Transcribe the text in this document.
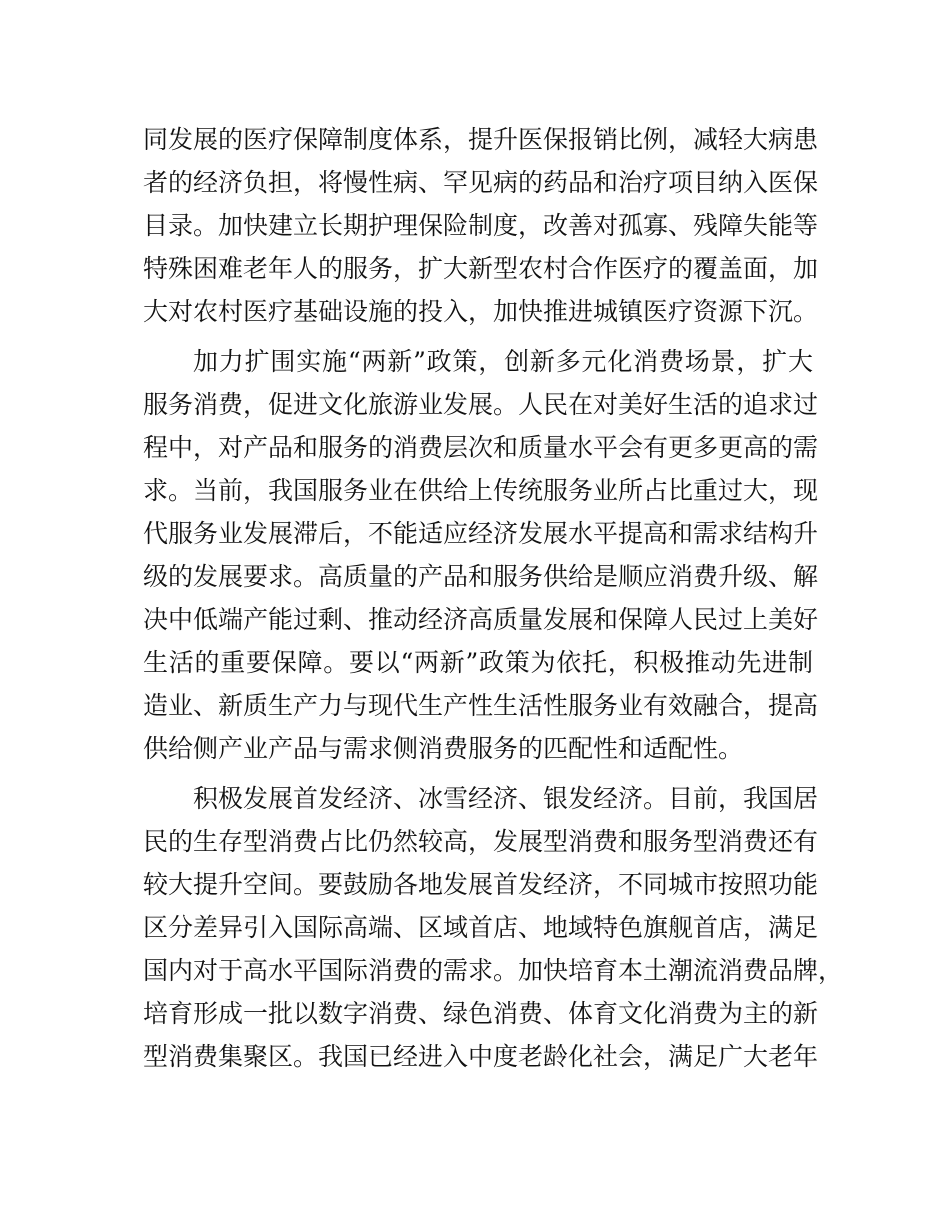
同发展的医疗保障制度体系，提升医保报销比例，减轻大病患
者的经济负担，将慢性病、罕见病的药品和治疗项目纳入医保
目录。加快建立长期护理保险制度，改善对孤寡、残障失能等
特殊困难老年人的服务，扩大新型农村合作医疗的覆盖面，加
大对农村医疗基础设施的投入，加快推进城镇医疗资源下沉。
加力扩围实施“两新”政策，创新多元化消费场景，扩大
服务消费，促进文化旅游业发展。人民在对美好生活的追求过
程中，对产品和服务的消费层次和质量水平会有更多更高的需
求。当前，我国服务业在供给上传统服务业所占比重过大，现
代服务业发展滞后，不能适应经济发展水平提高和需求结构升
级的发展要求。高质量的产品和服务供给是顺应消费升级、解
决中低端产能过剩、推动经济高质量发展和保障人民过上美好
生活的重要保障。要以“两新”政策为依托，积极推动先进制
造业、新质生产力与现代生产性生活性服务业有效融合，提高
供给侧产业产品与需求侧消费服务的匹配性和适配性。
积极发展首发经济、冰雪经济、银发经济。目前，我国居
民的生存型消费占比仍然较高，发展型消费和服务型消费还有
较大提升空间。要鼓励各地发展首发经济，不同城市按照功能
区分差异引入国际高端、区域首店、地域特色旗舰首店，满足
国内对于高水平国际消费的需求。加快培育本土潮流消费品牌，
培育形成一批以数字消费、绿色消费、体育文化消费为主的新
型消费集聚区。我国已经进入中度老龄化社会，满足广大老年
